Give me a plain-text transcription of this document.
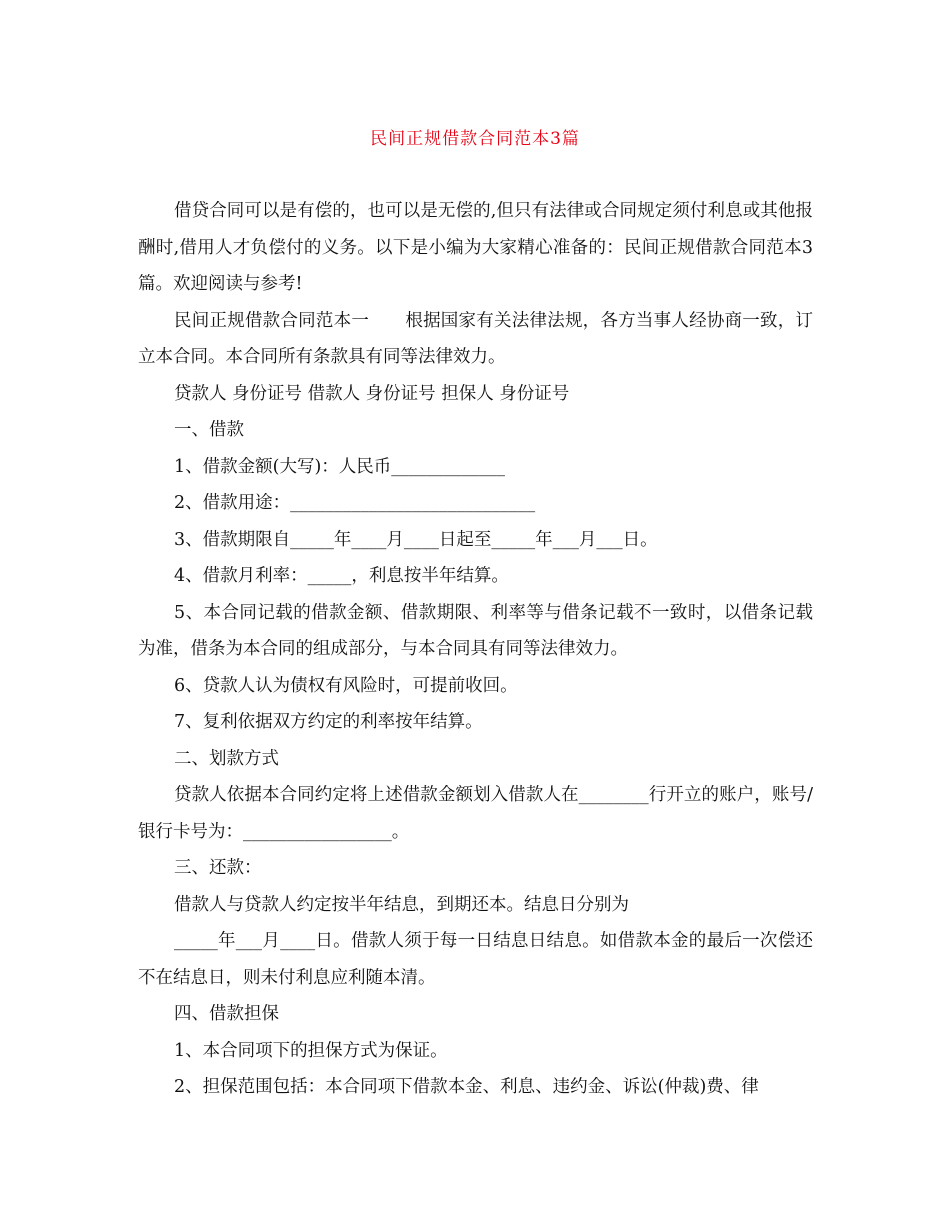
民间正规借款合同范本3篇

借贷合同可以是有偿的，也可以是无偿的,但只有法律或合同规定须付利息或其他报酬时,借用人才负偿付的义务。以下是小编为大家精心准备的：民间正规借款合同范本3篇。欢迎阅读与参考!

民间正规借款合同范本一 根据国家有关法律法规，各方当事人经协商一致，订立本合同。本合同所有条款具有同等法律效力。

贷款人 身份证号 借款人 身份证号 担保人 身份证号

一、借款

1、借款金额(大写)：人民币_____________

2、借款用途：____________________________

3、借款期限自_____年____月____日起至_____年___月___日。

4、借款月利率：_____，利息按半年结算。

5、本合同记载的借款金额、借款期限、利率等与借条记载不一致时，以借条记载为准，借条为本合同的组成部分，与本合同具有同等法律效力。

6、贷款人认为债权有风险时，可提前收回。

7、复利依据双方约定的利率按年结算。

二、划款方式

贷款人依据本合同约定将上述借款金额划入借款人在________行开立的账户，账号/银行卡号为：_________________。

三、还款：

借款人与贷款人约定按半年结息，到期还本。结息日分别为

_____年___月____日。借款人须于每一日结息日结息。如借款本金的最后一次偿还不在结息日，则未付利息应利随本清。

四、借款担保

1、本合同项下的担保方式为保证。

2、担保范围包括：本合同项下借款本金、利息、违约金、诉讼(仲裁)费、律
